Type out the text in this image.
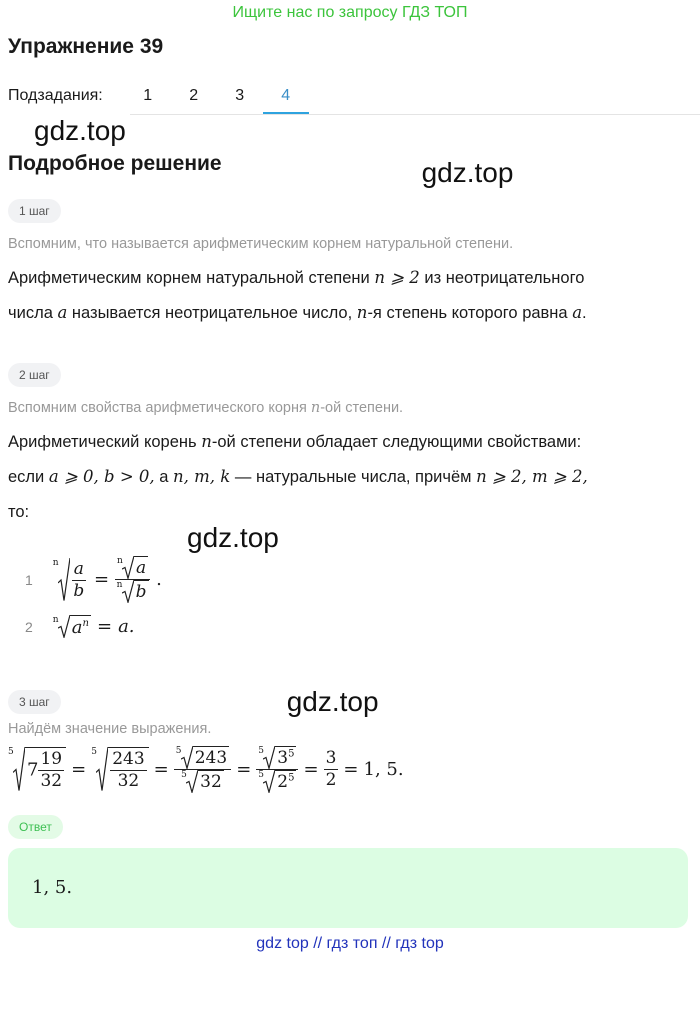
Ищите нас по запросу ГДЗ ТОП
Упражнение 39
Подзадания:	1	2	3	4
gdz.top
Подробное решение	gdz.top
1 шаг
Вспомним, что называется арифметическим корнем натуральной степени.
Арифметическим корнем натуральной степени n ⩾ 2 из неотрицательного
числа a называется неотрицательное число, n-я степень которого равна a.
2 шаг
Вспомним свойства арифметического корня n-ой степени.
Арифметический корень n-ой степени обладает следующими свойствами:
если a ⩾ 0, b > 0, а n, m, k — натуральные числа, причём n ⩾ 2, m ⩾ 2,
то:
gdz.top
1
n $\frac{a}{b} = \frac{\text{n a}}{\text{n b}}$ .
2 n $a^n = a$.
3 шаг	gdz.top
Найдём значение выражения.
5
$7 \frac{19}{32}$ =
$5 \frac{243}{32} = \frac{5 243}{5 32} = \frac{5 3^5}{5 2^5} = \frac{3}{2} = 1$, 5.
Ответ
1, 5.
gdz top // гдз топ // гдз top
